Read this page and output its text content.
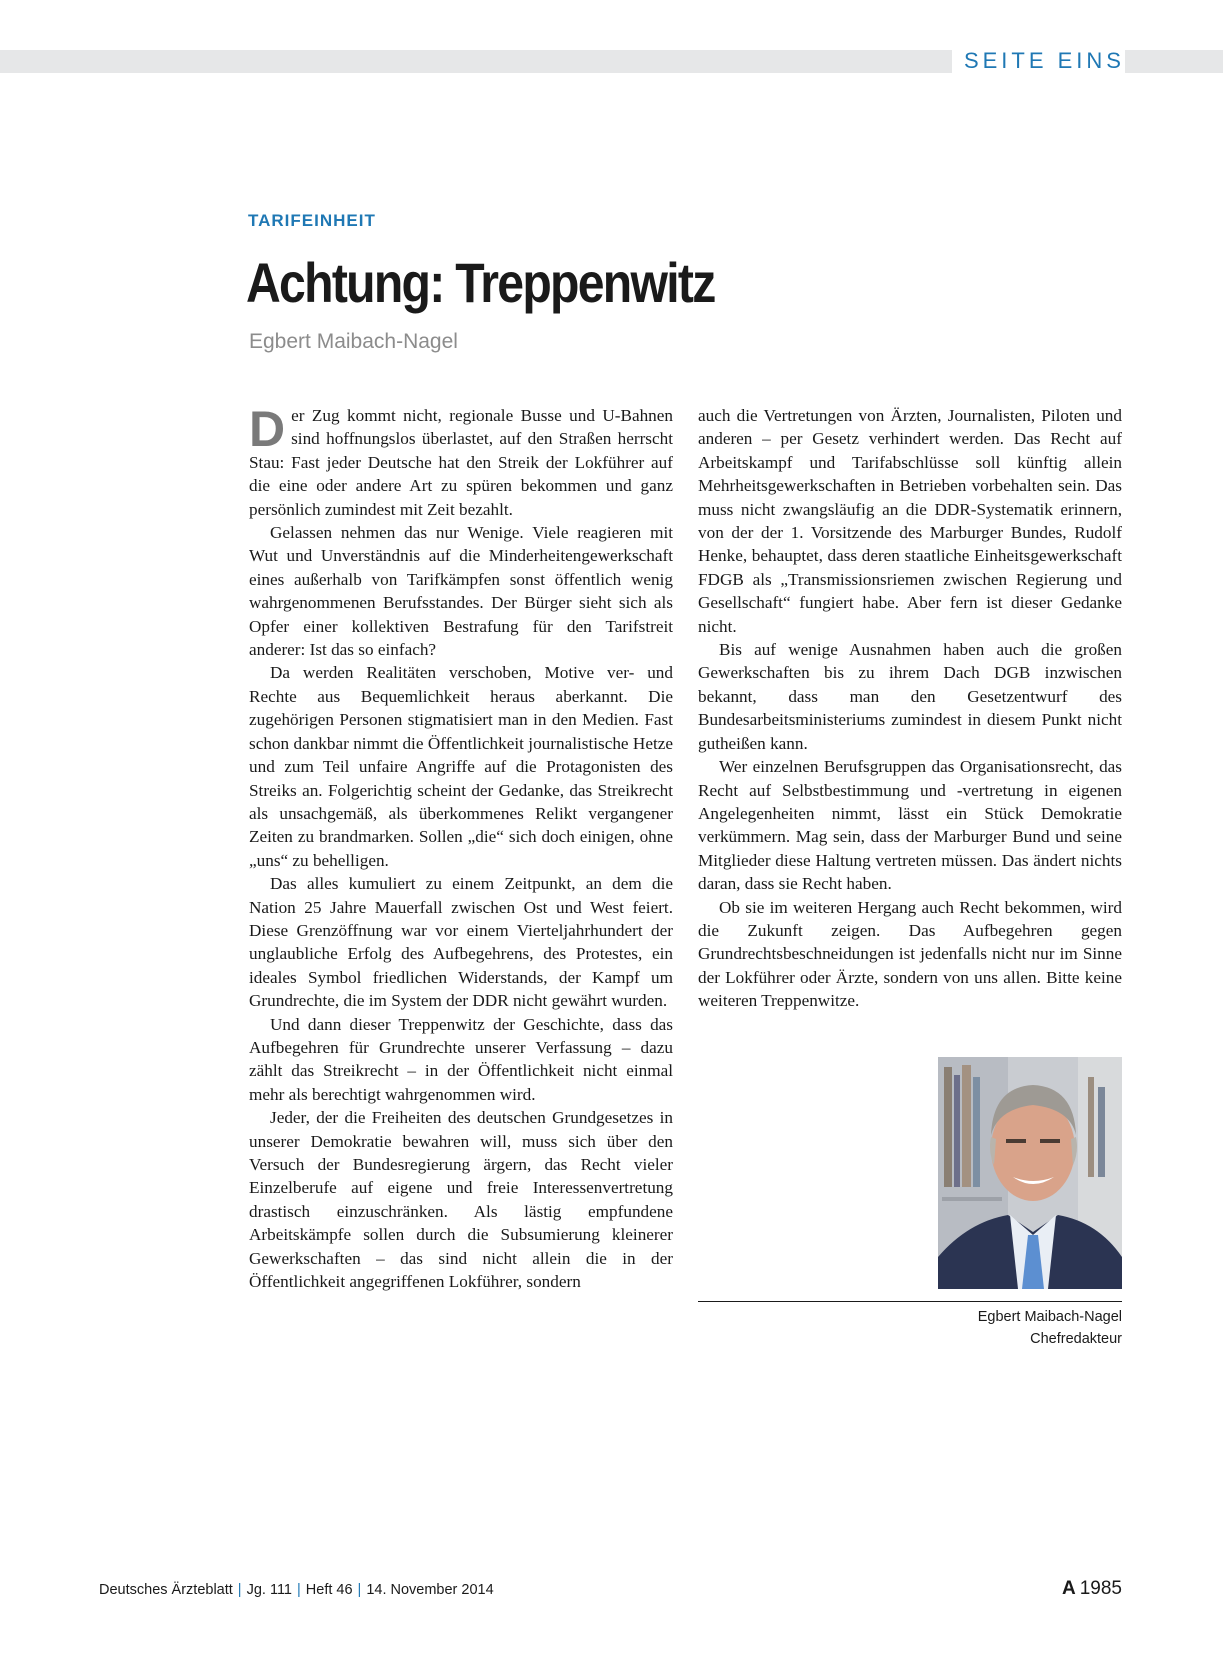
SEITE EINS
TARIFEINHEIT
Achtung: Treppenwitz
Egbert Maibach-Nagel

Der Zug kommt nicht, regionale Busse und U-Bahnen sind hoffnungslos überlastet, auf den Straßen herrscht Stau: Fast jeder Deutsche hat den Streik der Lokführer auf die eine oder andere Art zu spüren bekommen und ganz persönlich zumindest mit Zeit bezahlt.

Gelassen nehmen das nur Wenige. Viele reagieren mit Wut und Unverständnis auf die Minderheitengewerkschaft eines außerhalb von Tarifkämpfen sonst öffentlich wenig wahrgenommenen Berufsstandes. Der Bürger sieht sich als Opfer einer kollektiven Bestrafung für den Tarifstreit anderer: Ist das so einfach?

Da werden Realitäten verschoben, Motive ver- und Rechte aus Bequemlichkeit heraus aberkannt. Die zugehörigen Personen stigmatisiert man in den Medien. Fast schon dankbar nimmt die Öffentlichkeit journalistische Hetze und zum Teil unfaire Angriffe auf die Protagonisten des Streiks an. Folgerichtig scheint der Gedanke, das Streikrecht als unsachgemäß, als überkommenes Relikt vergangener Zeiten zu brandmarken. Sollen „die“ sich doch einigen, ohne „uns“ zu behelligen.

Das alles kumuliert zu einem Zeitpunkt, an dem die Nation 25 Jahre Mauerfall zwischen Ost und West feiert. Diese Grenzöffnung war vor einem Vierteljahrhundert der unglaubliche Erfolg des Aufbegehrens, des Protestes, ein ideales Symbol friedlichen Widerstands, der Kampf um Grundrechte, die im System der DDR nicht gewährt wurden.

Und dann dieser Treppenwitz der Geschichte, dass das Aufbegehren für Grundrechte unserer Verfassung – dazu zählt das Streikrecht – in der Öffentlichkeit nicht einmal mehr als berechtigt wahrgenommen wird.

Jeder, der die Freiheiten des deutschen Grundgesetzes in unserer Demokratie bewahren will, muss sich über den Versuch der Bundesregierung ärgern, das Recht vieler Einzelberufe auf eigene und freie Interessenvertretung drastisch einzuschränken. Als lästig empfundene Arbeitskämpfe sollen durch die Subsumierung kleinerer Gewerkschaften – das sind nicht allein die in der Öffentlichkeit angegriffenen Lokführer, sondern

auch die Vertretungen von Ärzten, Journalisten, Piloten und anderen – per Gesetz verhindert werden. Das Recht auf Arbeitskampf und Tarifabschlüsse soll künftig allein Mehrheitsgewerkschaften in Betrieben vorbehalten sein. Das muss nicht zwangsläufig an die DDR-Systematik erinnern, von der der 1. Vorsitzende des Marburger Bundes, Rudolf Henke, behauptet, dass deren staatliche Einheitsgewerkschaft FDGB als „Transmissionsriemen zwischen Regierung und Gesellschaft“ fungiert habe. Aber fern ist dieser Gedanke nicht.

Bis auf wenige Ausnahmen haben auch die großen Gewerkschaften bis zu ihrem Dach DGB inzwischen bekannt, dass man den Gesetzentwurf des Bundesarbeitsministeriums zumindest in diesem Punkt nicht gutheißen kann.

Wer einzelnen Berufsgruppen das Organisationsrecht, das Recht auf Selbstbestimmung und -vertretung in eigenen Angelegenheiten nimmt, lässt ein Stück Demokratie verkümmern. Mag sein, dass der Marburger Bund und seine Mitglieder diese Haltung vertreten müssen. Das ändert nichts daran, dass sie Recht haben.

Ob sie im weiteren Hergang auch Recht bekommen, wird die Zukunft zeigen. Das Aufbegehren gegen Grundrechtsbeschneidungen ist jedenfalls nicht nur im Sinne der Lokführer oder Ärzte, sondern von uns allen. Bitte keine weiteren Treppenwitze.

Egbert Maibach-Nagel
Chefredakteur
Deutsches Ärzteblatt | Jg. 111 | Heft 46 | 14. November 2014	A 1985
